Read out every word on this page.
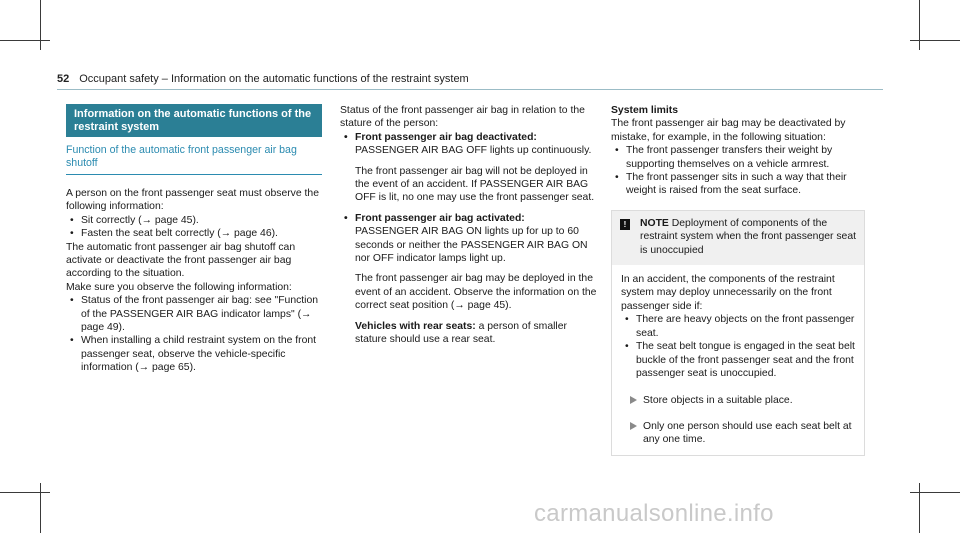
52 Occupant safety – Information on the automatic functions of the restraint system
Information on the automatic functions of the restraint system
Function of the automatic front passenger air bag shutoff

A person on the front passenger seat must observe the following information:

• Sit correctly (→ page 45).
• Fasten the seat belt correctly (→ page 46).

The automatic front passenger air bag shutoff can activate or deactivate the front passenger air bag according to the situation.

Make sure you observe the following information:

• Status of the front passenger air bag: see "Function of the PASSENGER AIR BAG indicator lamps" (→ page 49).
• When installing a child restraint system on the front passenger seat, observe the vehicle-specific information (→ page 65).

Status of the front passenger air bag in relation to the stature of the person:

• Front passenger air bag deactivated:

PASSENGER AIR BAG OFF lights up continuously.

The front passenger air bag will not be deployed in the event of an accident. If PASSENGER AIR BAG OFF is lit, no one may use the front passenger seat.

• Front passenger air bag activated:

PASSENGER AIR BAG ON lights up for up to 60 seconds or neither the PASSENGER AIR BAG ON nor OFF indicator lamps light up.

The front passenger air bag may be deployed in the event of an accident. Observe the information on the correct seat position (→ page 45).

Vehicles with rear seats: a person of smaller stature should use a rear seat.

System limits

The front passenger air bag may be deactivated by mistake, for example, in the following situation:

• The front passenger transfers their weight by supporting themselves on a vehicle armrest.
• The front passenger sits in such a way that their weight is raised from the seat surface.
!	NOTE Deployment of components of the restraint system when the front passenger seat is unoccupied

In an accident, the components of the restraint system may deploy unnecessarily on the front passenger side if:

• There are heavy objects on the front passenger seat.
• The seat belt tongue is engaged in the seat belt buckle of the front passenger seat and the front passenger seat is unoccupied.
Store objects in a suitable place.
Only one person should use each seat belt at any one time.
carmanualsonline.info
